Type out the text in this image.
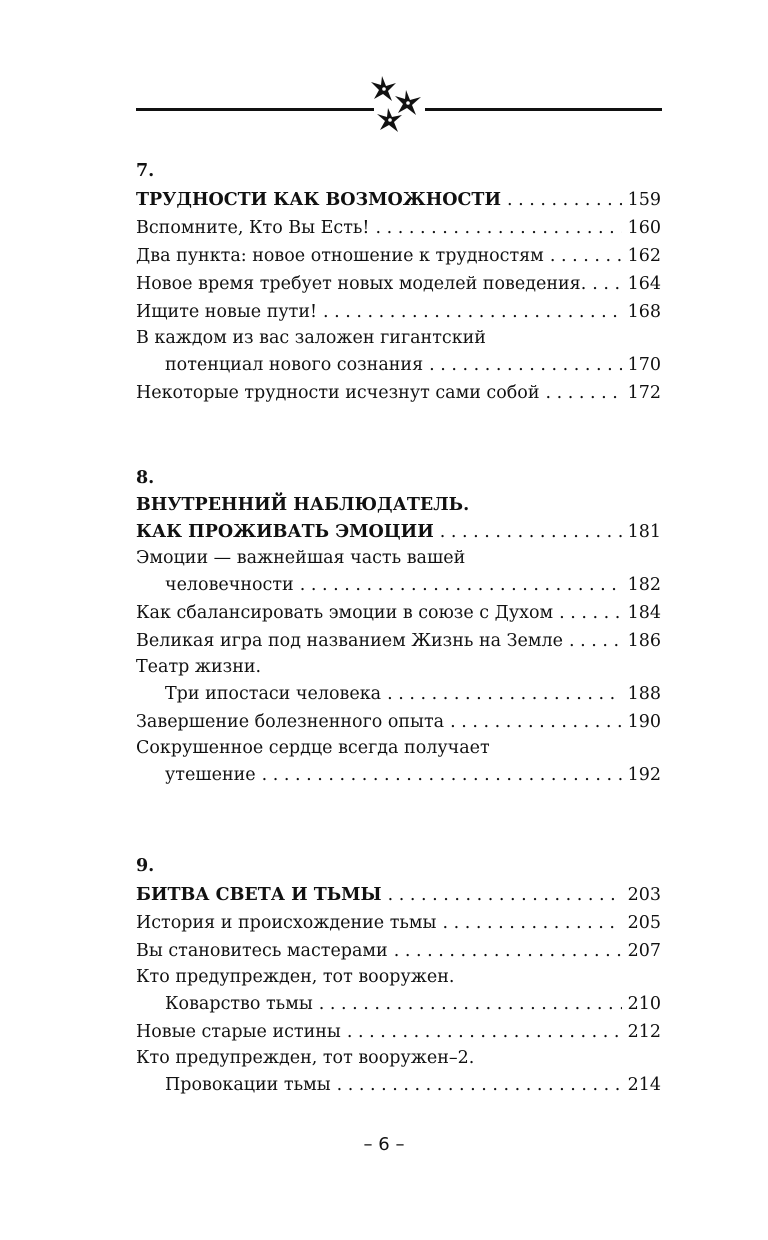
7.
ТРУДНОСТИ КАК ВОЗМОЖНОСТИ . . .	159
Вспомните, Кто Вы Есть! . . .	160
Два пункта: новое отношение к трудностям . . .	162
Новое время требует новых моделей поведения. . . . 164
Ищите новые пути! . . .	168
В каждом из вас заложен гигантский
потенциал нового сознания . . .	170
Некоторые трудности исчезнут сами собой . . .	172
8.
ВНУТРЕННИЙ НАБЛЮДАТЕЛЬ.
КАК ПРОЖИВАТЬ ЭМОЦИИ . . .	181
Эмоции — важнейшая часть вашей
человечности . . .	182
Как сбалансировать эмоции в союзе с Духом . . .	184
Великая игра под названием Жизнь на Земле . . .	186
Театр жизни.
Три ипостаси человека . . .	188
Завершение болезненного опыта . . .	190
Сокрушенное сердце всегда получает
утешение . . .	192
9.
БИТВА СВЕТА И ТЬМЫ . . .	203
История и происхождение тьмы . . .	205
Вы становитесь мастерами . . .	207
Кто предупрежден, тот вооружен.
Коварство тьмы . . .	210
Новые старые истины . . .	212
Кто предупрежден, тот вооружен–2.
Провокации тьмы . . .	214
– 6 –
